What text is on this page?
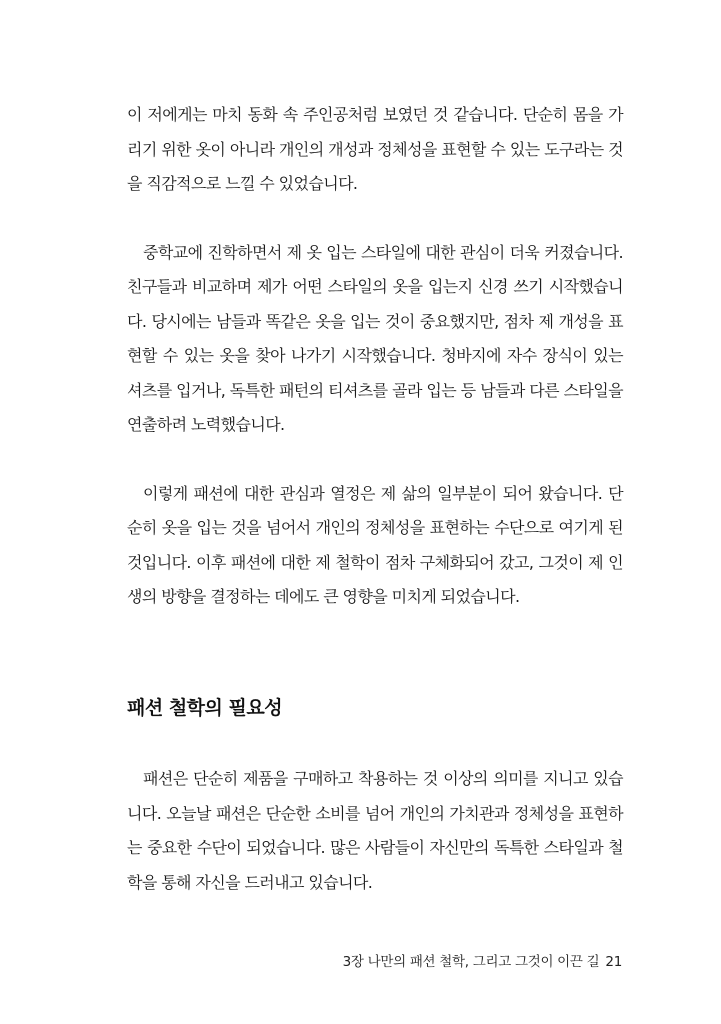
이 저에게는 마치 동화 속 주인공처럼 보였던 것 같습니다. 단순히 몸을 가리기 위한 옷이 아니라 개인의 개성과 정체성을 표현할 수 있는 도구라는 것을 직감적으로 느낄 수 있었습니다.

중학교에 진학하면서 제 옷 입는 스타일에 대한 관심이 더욱 커졌습니다. 친구들과 비교하며 제가 어떤 스타일의 옷을 입는지 신경 쓰기 시작했습니다. 당시에는 남들과 똑같은 옷을 입는 것이 중요했지만, 점차 제 개성을 표현할 수 있는 옷을 찾아 나가기 시작했습니다. 청바지에 자수 장식이 있는 셔츠를 입거나, 독특한 패턴의 티셔츠를 골라 입는 등 남들과 다른 스타일을 연출하려 노력했습니다.

이렇게 패션에 대한 관심과 열정은 제 삶의 일부분이 되어 왔습니다. 단순히 옷을 입는 것을 넘어서 개인의 정체성을 표현하는 수단으로 여기게 된 것입니다. 이후 패션에 대한 제 철학이 점차 구체화되어 갔고, 그것이 제 인생의 방향을 결정하는 데에도 큰 영향을 미치게 되었습니다.

패션 철학의 필요성

패션은 단순히 제품을 구매하고 착용하는 것 이상의 의미를 지니고 있습니다. 오늘날 패션은 단순한 소비를 넘어 개인의 가치관과 정체성을 표현하는 중요한 수단이 되었습니다. 많은 사람들이 자신만의 독특한 스타일과 철학을 통해 자신을 드러내고 있습니다.

3장 나만의 패션 철학, 그리고 그것이 이끈 길 21
